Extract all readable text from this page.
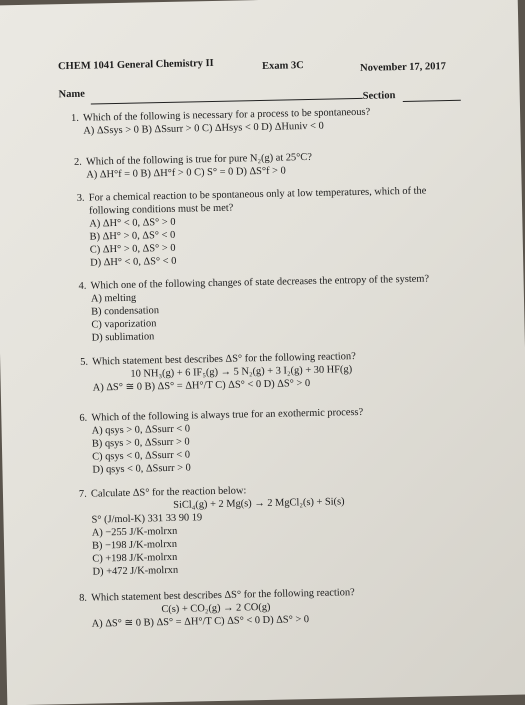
CHEM 1041 General Chemistry II	Exam 3C	November 17, 2017
Name	Section
1. Which of the following is necessary for a process to be spontaneous?
A) ΔSsys > 0 B) ΔSsurr > 0 C) ΔHsys < 0 D) ΔHuniv < 0
2. Which of the following is true for pure N₂(g) at 25°C?
A) ΔH°f = 0 B) ΔH°f > 0 C) S° = 0 D) ΔS°f > 0
3. For a chemical reaction to be spontaneous only at low temperatures, which of the
following conditions must be met?
A) ΔH° < 0, ΔS° > 0
B) ΔH° > 0, ΔS° < 0
C) ΔH° > 0, ΔS° > 0
D) ΔH° < 0, ΔS° < 0
4. Which one of the following changes of state decreases the entropy of the system?
A) melting
B) condensation
C) vaporization
D) sublimation
5. Which statement best describes ΔS° for the following reaction?
10 NH₃(g) + 6 IF₅(g) → 5 N₂(g) + 3 I₂(g) + 30 HF(g)
A) ΔS° ≅ 0 B) ΔS° = ΔH°/T C) ΔS° < 0 D) ΔS° > 0
6. Which of the following is always true for an exothermic process?
A) qsys > 0, ΔSsurr < 0
B) qsys > 0, ΔSsurr > 0
C) qsys < 0, ΔSsurr < 0
D) qsys < 0, ΔSsurr > 0
7. Calculate ΔS° for the reaction below:
SiCl₄(g) + 2 Mg(s) → 2 MgCl₂(s) + Si(s)
S° (J/mol-K) 331 33 90 19
A) −255 J/K-molrxn
B) −198 J/K-molrxn
C) +198 J/K-molrxn
D) +472 J/K-molrxn
8. Which statement best describes ΔS° for the following reaction?
C(s) + CO₂(g) → 2 CO(g)
A) ΔS° ≅ 0 B) ΔS° = ΔH°/T C) ΔS° < 0 D) ΔS° > 0
